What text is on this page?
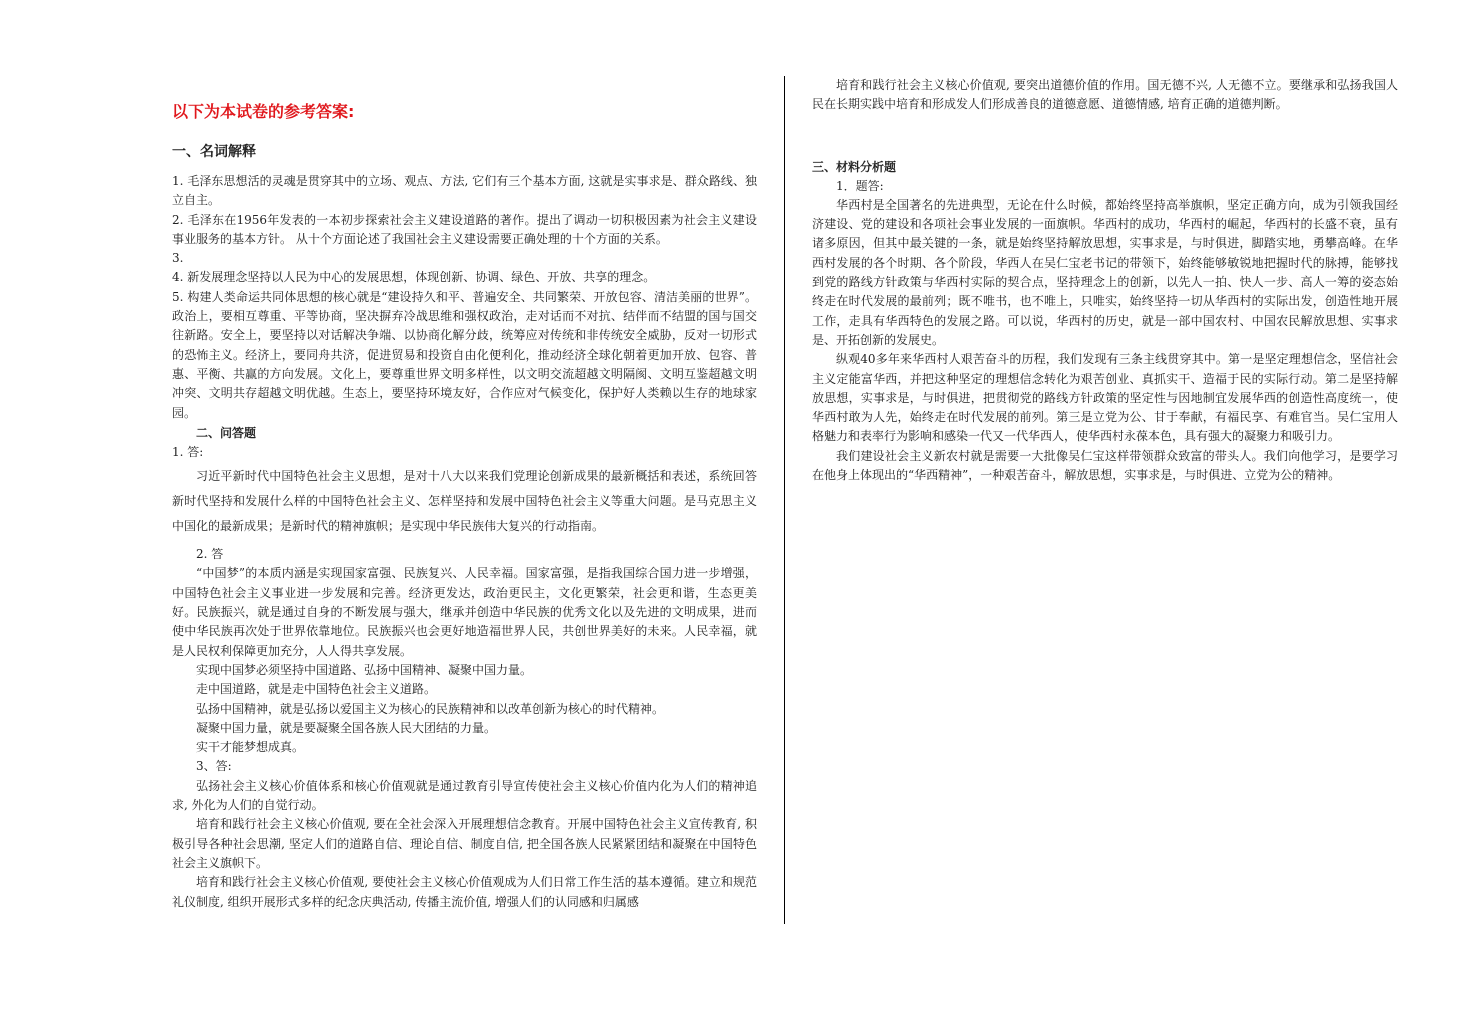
以下为本试卷的参考答案:
一、名词解释

1. 毛泽东思想活的灵魂是贯穿其中的立场、观点、方法, 它们有三个基本方面, 这就是实事求是、群众路线、独立自主。

2. 毛泽东在1956年发表的一本初步探索社会主义建设道路的著作。提出了调动一切积极因素为社会主义建设事业服务的基本方针。 从十个方面论述了我国社会主义建设需要正确处理的十个方面的关系。

3.

4. 新发展理念坚持以人民为中心的发展思想，体现创新、协调、绿色、开放、共享的理念。

5. 构建人类命运共同体思想的核心就是“建设持久和平、普遍安全、共同繁荣、开放包容、清洁美丽的世界”。政治上，要相互尊重、平等协商，坚决摒弃冷战思维和强权政治，走对话而不对抗、结伴而不结盟的国与国交往新路。安全上，要坚持以对话解决争端、以协商化解分歧，统筹应对传统和非传统安全威胁，反对一切形式的恐怖主义。经济上，要同舟共济，促进贸易和投资自由化便利化，推动经济全球化朝着更加开放、包容、普惠、平衡、共赢的方向发展。文化上，要尊重世界文明多样性，以文明交流超越文明隔阂、文明互鉴超越文明冲突、文明共存超越文明优越。生态上，要坚持环境友好，合作应对气候变化，保护好人类赖以生存的地球家园。

二、问答题

1. 答:

习近平新时代中国特色社会主义思想，是对十八大以来我们党理论创新成果的最新概括和表述，系统回答新时代坚持和发展什么样的中国特色社会主义、怎样坚持和发展中国特色社会主义等重大问题。是马克思主义中国化的最新成果；是新时代的精神旗帜；是实现中华民族伟大复兴的行动指南。

2. 答

“中国梦”的本质内涵是实现国家富强、民族复兴、人民幸福。国家富强，是指我国综合国力进一步增强，中国特色社会主义事业进一步发展和完善。经济更发达，政治更民主，文化更繁荣，社会更和谐，生态更美好。民族振兴，就是通过自身的不断发展与强大，继承并创造中华民族的优秀文化以及先进的文明成果，进而使中华民族再次处于世界依靠地位。民族振兴也会更好地造福世界人民，共创世界美好的未来。人民幸福，就是人民权利保障更加充分，人人得共享发展。

实现中国梦必须坚持中国道路、弘扬中国精神、凝聚中国力量。

走中国道路，就是走中国特色社会主义道路。

弘扬中国精神，就是弘扬以爱国主义为核心的民族精神和以改革创新为核心的时代精神。

凝聚中国力量，就是要凝聚全国各族人民大团结的力量。

实干才能梦想成真。

3、答:

弘扬社会主义核心价值体系和核心价值观就是通过教育引导宣传使社会主义核心价值内化为人们的精神追求, 外化为人们的自觉行动。

培育和践行社会主义核心价值观, 要在全社会深入开展理想信念教育。开展中国特色社会主义宣传教育, 积极引导各种社会思潮, 坚定人们的道路自信、理论自信、制度自信, 把全国各族人民紧紧团结和凝聚在中国特色社会主义旗帜下。

培育和践行社会主义核心价值观, 要使社会主义核心价值观成为人们日常工作生活的基本遵循。建立和规范礼仪制度, 组织开展形式多样的纪念庆典活动, 传播主流价值, 增强人们的认同感和归属感

培育和践行社会主义核心价值观, 要突出道德价值的作用。国无德不兴, 人无德不立。要继承和弘扬我国人民在长期实践中培育和形成发人们形成善良的道德意愿、道德情感, 培育正确的道德判断。

三、材料分析题

1．题答:

华西村是全国著名的先进典型，无论在什么时候，都始终坚持高举旗帜，坚定正确方向，成为引领我国经济建设、党的建设和各项社会事业发展的一面旗帜。华西村的成功，华西村的崛起，华西村的长盛不衰，虽有诸多原因，但其中最关键的一条，就是始终坚持解放思想，实事求是，与时俱进，脚踏实地，勇攀高峰。在华西村发展的各个时期、各个阶段，华西人在吴仁宝老书记的带领下，始终能够敏锐地把握时代的脉搏，能够找到党的路线方针政策与华西村实际的契合点，坚持理念上的创新，以先人一拍、快人一步、高人一筹的姿态始终走在时代发展的最前列；既不唯书，也不唯上，只唯实，始终坚持一切从华西村的实际出发，创造性地开展工作，走具有华西特色的发展之路。可以说，华西村的历史，就是一部中国农村、中国农民解放思想、实事求是、开拓创新的发展史。

纵观40多年来华西村人艰苦奋斗的历程，我们发现有三条主线贯穿其中。第一是坚定理想信念，坚信社会主义定能富华西，并把这种坚定的理想信念转化为艰苦创业、真抓实干、造福于民的实际行动。第二是坚持解放思想，实事求是，与时俱进，把贯彻党的路线方针政策的坚定性与因地制宜发展华西的创造性高度统一，使华西村敢为人先，始终走在时代发展的前列。第三是立党为公、甘于奉献，有福民享、有难官当。吴仁宝用人格魅力和表率行为影响和感染一代又一代华西人，使华西村永葆本色，具有强大的凝聚力和吸引力。

我们建设社会主义新农村就是需要一大批像吴仁宝这样带领群众致富的带头人。我们向他学习，是要学习在他身上体现出的“华西精神”，一种艰苦奋斗，解放思想，实事求是，与时俱进、立党为公的精神。
